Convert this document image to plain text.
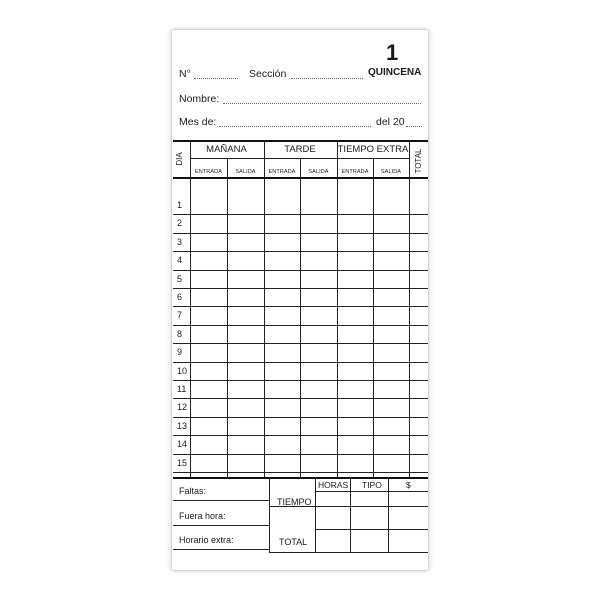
1
QUINCENA
N°	Sección
Nombre:
Mes de:	del 20
DIA	TOTAL
MAÑANA	TARDE	TIEMPO EXTRA
ENTRADA	SALIDA	ENTRADA	SALIDA	ENTRADA	SALIDA
1
2
3
4
5
6
7
8
9
10
11
12
13
14
15
Faltas:
Fuera hora:
Horario extra:
HORAS TIPO	$
TIEMPO
TOTAL
